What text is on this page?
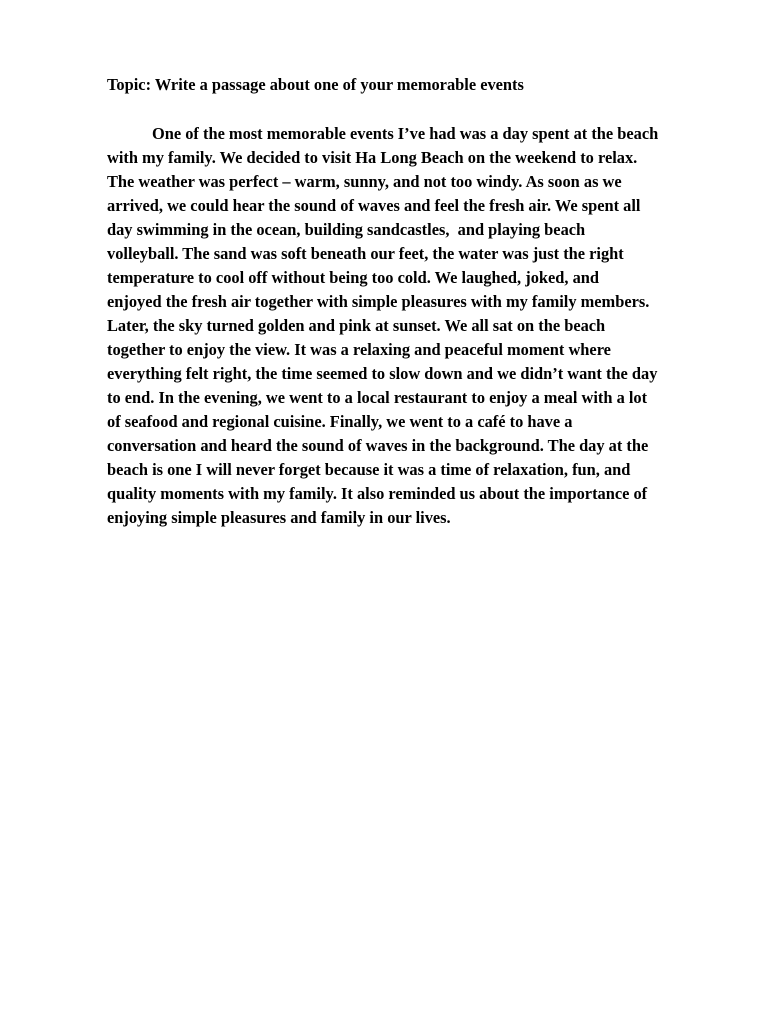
Topic: Write a passage about one of your memorable events
One of the most memorable events I’ve had was a day spent at the beach
with my family. We decided to visit Ha Long Beach on the weekend to relax.
The weather was perfect – warm, sunny, and not too windy. As soon as we
arrived, we could hear the sound of waves and feel the fresh air. We spent all
day swimming in the ocean, building sandcastles,  and playing beach
volleyball. The sand was soft beneath our feet, the water was just the right
temperature to cool off without being too cold. We laughed, joked, and
enjoyed the fresh air together with simple pleasures with my family members.
Later, the sky turned golden and pink at sunset. We all sat on the beach
together to enjoy the view. It was a relaxing and peaceful moment where
everything felt right, the time seemed to slow down and we didn’t want the day
to end. In the evening, we went to a local restaurant to enjoy a meal with a lot
of seafood and regional cuisine. Finally, we went to a café to have a
conversation and heard the sound of waves in the background. The day at the
beach is one I will never forget because it was a time of relaxation, fun, and
quality moments with my family. It also reminded us about the importance of
enjoying simple pleasures and family in our lives.
